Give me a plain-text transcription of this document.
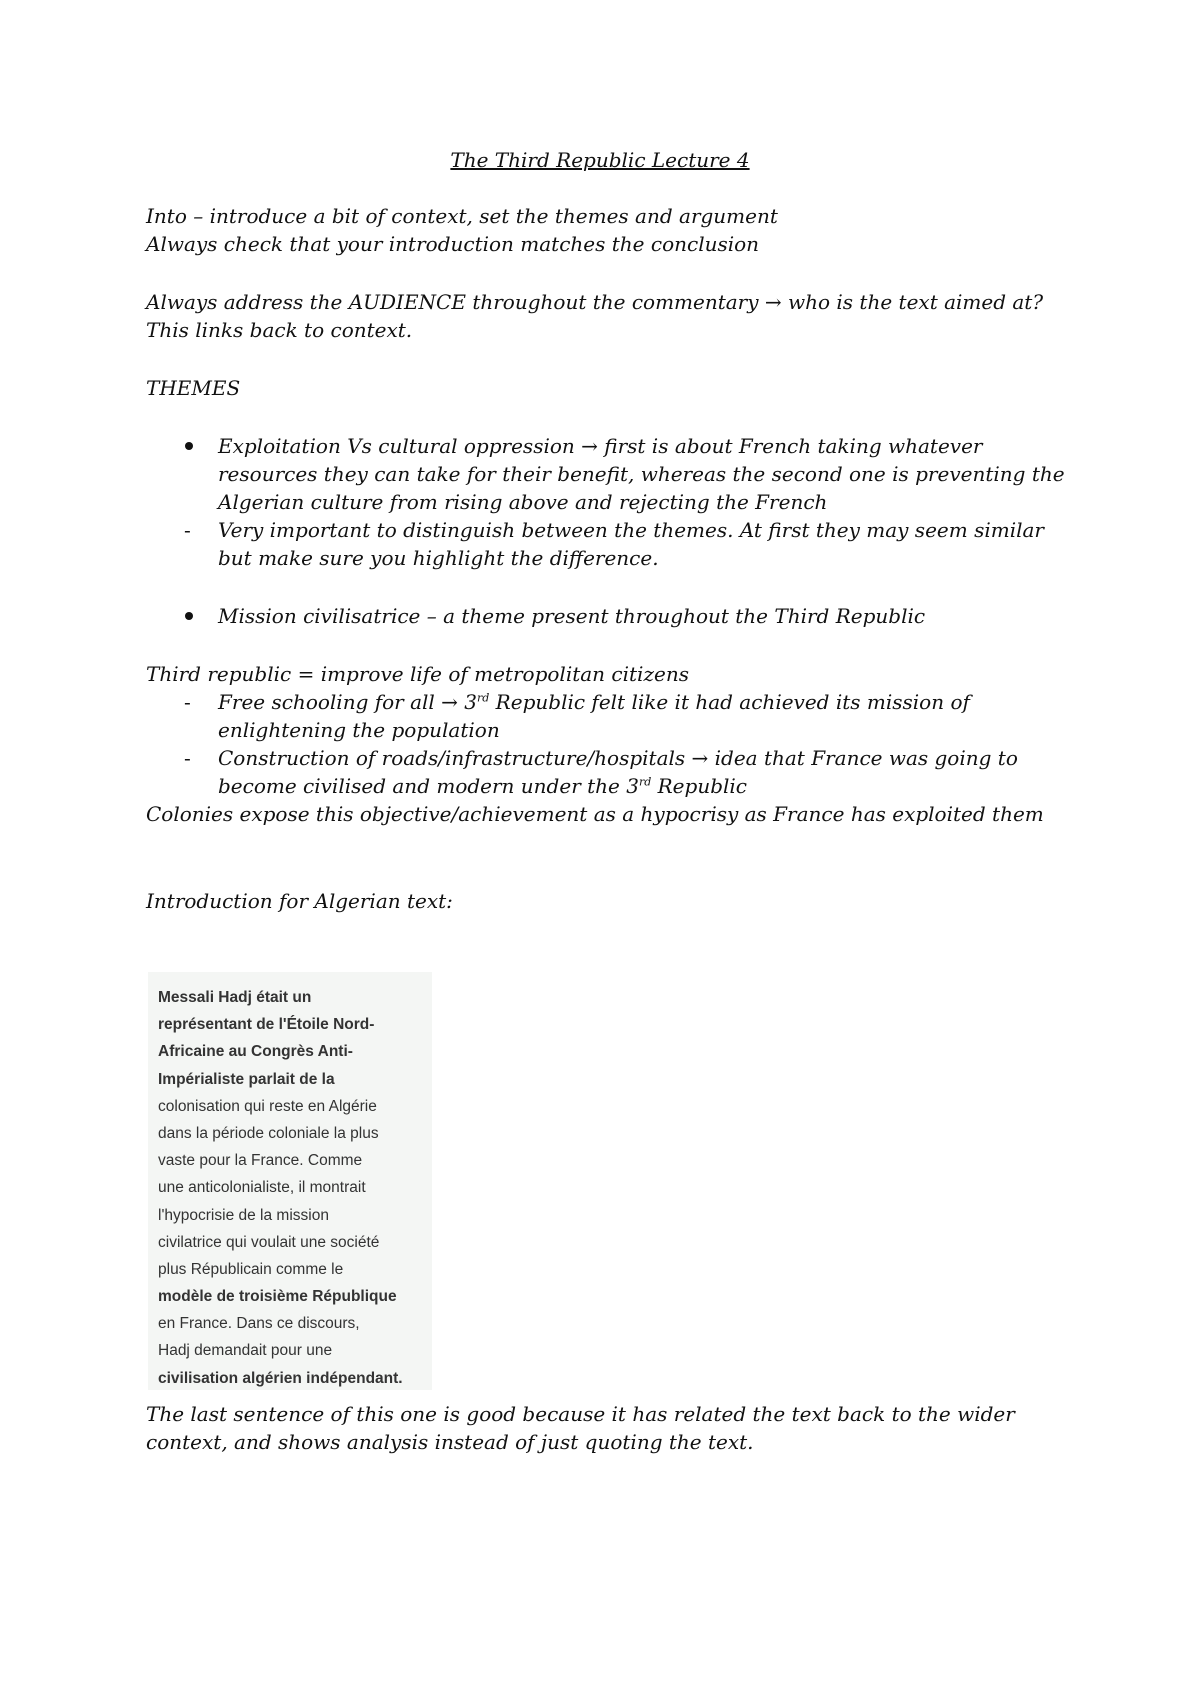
The Third Republic Lecture 4
Into – introduce a bit of context, set the themes and argument
Always check that your introduction matches the conclusion
Always address the AUDIENCE throughout the commentary → who is the text aimed at?
This links back to context.
THEMES
Exploitation Vs cultural oppression → first is about French taking whatever
resources they can take for their benefit, whereas the second one is preventing the
Algerian culture from rising above and rejecting the French
- Very important to distinguish between the themes. At first they may seem similar
but make sure you highlight the difference.
Mission civilisatrice – a theme present throughout the Third Republic
Third republic = improve life of metropolitan citizens
- Free schooling for all → 3rd Republic felt like it had achieved its mission of
enlightening the population
- Construction of roads/infrastructure/hospitals → idea that France was going to
become civilised and modern under the 3rd Republic
Colonies expose this objective/achievement as a hypocrisy as France has exploited them
Introduction for Algerian text:
Messali Hadj était un
représentant de l'Étoile Nord-
Africaine au Congrès Anti-
Impérialiste parlait de la
colonisation qui reste en Algérie
dans la période coloniale la plus
vaste pour la France. Comme
une anticolonialiste, il montrait
l'hypocrisie de la mission
civilatrice qui voulait une société
plus Républicain comme le
modèle de troisième République
en France. Dans ce discours,
Hadj demandait pour une
civilisation algérien indépendant.
The last sentence of this one is good because it has related the text back to the wider
context, and shows analysis instead of just quoting the text.
